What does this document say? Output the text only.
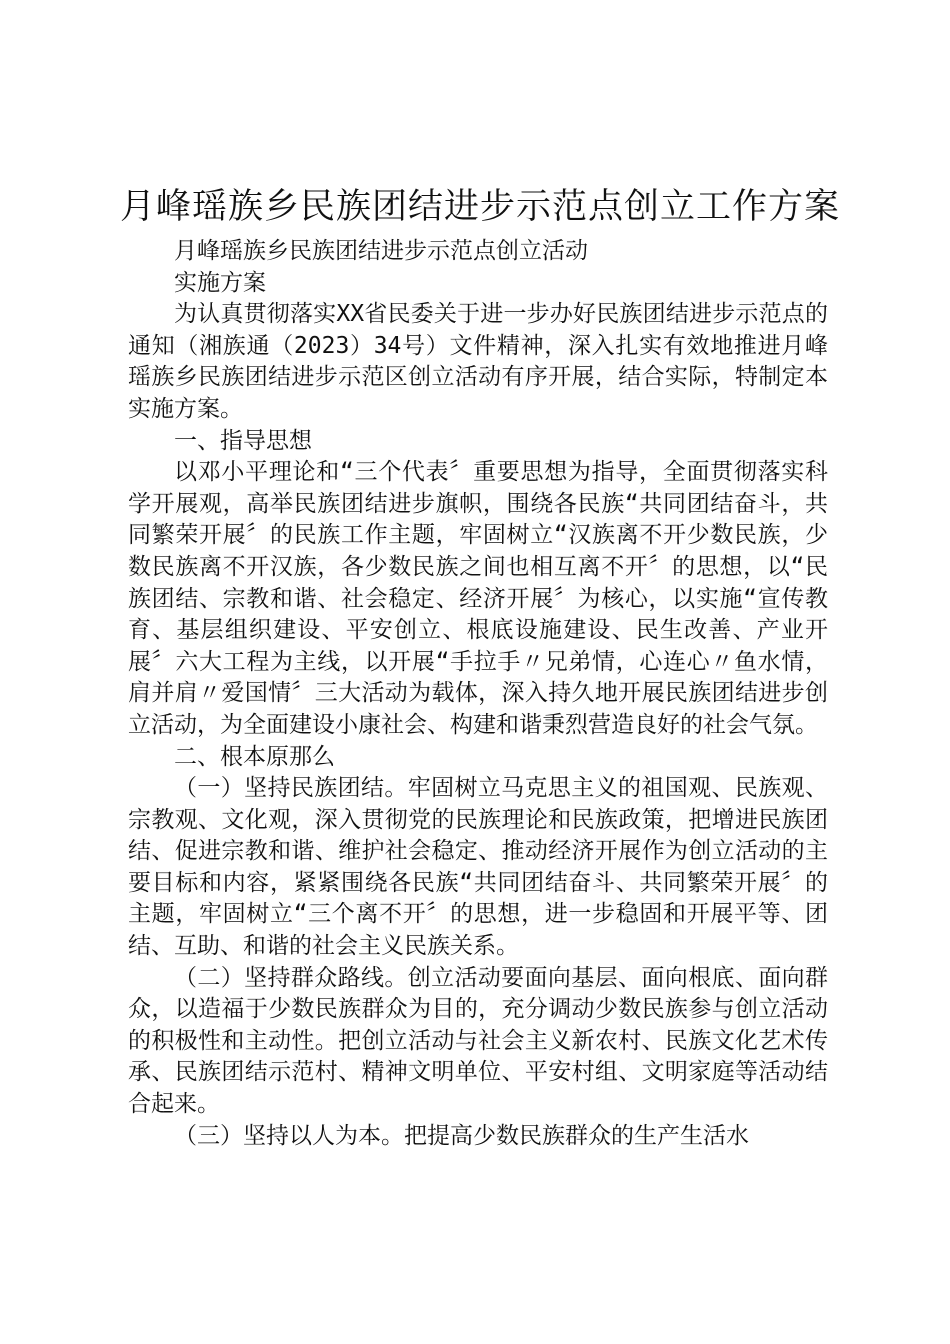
月峰瑶族乡民族团结进步示范点创立工作方案

月峰瑶族乡民族团结进步示范点创立活动

实施方案

为认真贯彻落实XX省民委关于进一步办好民族团结进步示范点的通知（湘族通（2023）34号）文件精神，深入扎实有效地推进月峰瑶族乡民族团结进步示范区创立活动有序开展，结合实际，特制定本实施方案。

一、指导思想

以邓小平理论和“三个代表〞重要思想为指导，全面贯彻落实科学开展观，高举民族团结进步旗帜，围绕各民族“共同团结奋斗，共同繁荣开展〞的民族工作主题，牢固树立“汉族离不开少数民族，少数民族离不开汉族，各少数民族之间也相互离不开〞的思想，以“民族团结、宗教和谐、社会稳定、经济开展〞为核心，以实施“宣传教育、基层组织建设、平安创立、根底设施建设、民生改善、产业开展〞六大工程为主线，以开展“手拉手〃兄弟情，心连心〃鱼水情，肩并肩〃爱国情〞三大活动为载体，深入持久地开展民族团结进步创立活动，为全面建设小康社会、构建和谐秉烈营造良好的社会气氛。

二、根本原那么

（一）坚持民族团结。牢固树立马克思主义的祖国观、民族观、宗教观、文化观，深入贯彻党的民族理论和民族政策，把增进民族团结、促进宗教和谐、维护社会稳定、推动经济开展作为创立活动的主要目标和内容，紧紧围绕各民族“共同团结奋斗、共同繁荣开展〞的主题，牢固树立“三个离不开〞的思想，进一步稳固和开展平等、团结、互助、和谐的社会主义民族关系。

（二）坚持群众路线。创立活动要面向基层、面向根底、面向群众，以造福于少数民族群众为目的，充分调动少数民族参与创立活动的积极性和主动性。把创立活动与社会主义新农村、民族文化艺术传承、民族团结示范村、精神文明单位、平安村组、文明家庭等活动结合起来。

（三）坚持以人为本。把提高少数民族群众的生产生活水
